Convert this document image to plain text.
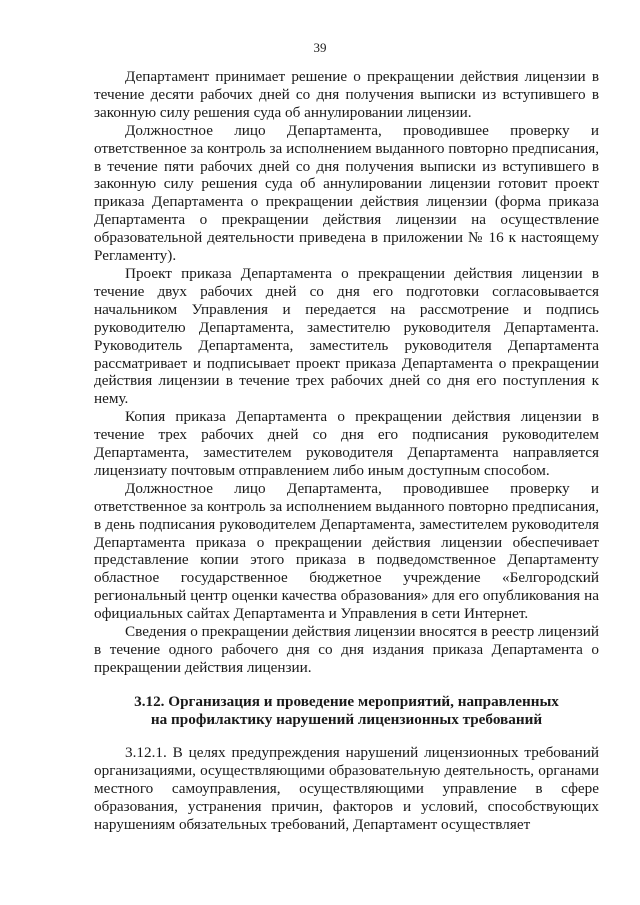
39

Департамент принимает решение о прекращении действия лицензии в течение десяти рабочих дней со дня получения выписки из вступившего в законную силу решения суда об аннулировании лицензии.

Должностное лицо Департамента, проводившее проверку и ответственное за контроль за исполнением выданного повторно предписания, в течение пяти рабочих дней со дня получения выписки из вступившего в законную силу решения суда об аннулировании лицензии готовит проект приказа Департамента о прекращении действия лицензии (форма приказа Департамента о прекращении действия лицензии на осуществление образовательной деятельности приведена в приложении № 16 к настоящему Регламенту).

Проект приказа Департамента о прекращении действия лицензии в течение двух рабочих дней со дня его подготовки согласовывается начальником Управления и передается на рассмотрение и подпись руководителю Департамента, заместителю руководителя Департамента. Руководитель Департамента, заместитель руководителя Департамента рассматривает и подписывает проект приказа Департамента о прекращении действия лицензии в течение трех рабочих дней со дня его поступления к нему.

Копия приказа Департамента о прекращении действия лицензии в течение трех рабочих дней со дня его подписания руководителем Департамента, заместителем руководителя Департамента направляется лицензиату почтовым отправлением либо иным доступным способом.

Должностное лицо Департамента, проводившее проверку и ответственное за контроль за исполнением выданного повторно предписания, в день подписания руководителем Департамента, заместителем руководителя Департамента приказа о прекращении действия лицензии обеспечивает представление копии этого приказа в подведомственное Департаменту областное государственное бюджетное учреждение «Белгородский региональный центр оценки качества образования» для его опубликования на официальных сайтах Департамента и Управления в сети Интернет.

Сведения о прекращении действия лицензии вносятся в реестр лицензий в течение одного рабочего дня со дня издания приказа Департамента о прекращении действия лицензии.

3.12. Организация и проведение мероприятий, направленных

на профилактику нарушений лицензионных требований

3.12.1. В целях предупреждения нарушений лицензионных требований организациями, осуществляющими образовательную деятельность, органами местного самоуправления, осуществляющими управление в сфере образования, устранения причин, факторов и условий, способствующих нарушениям обязательных требований, Департамент осуществляет
